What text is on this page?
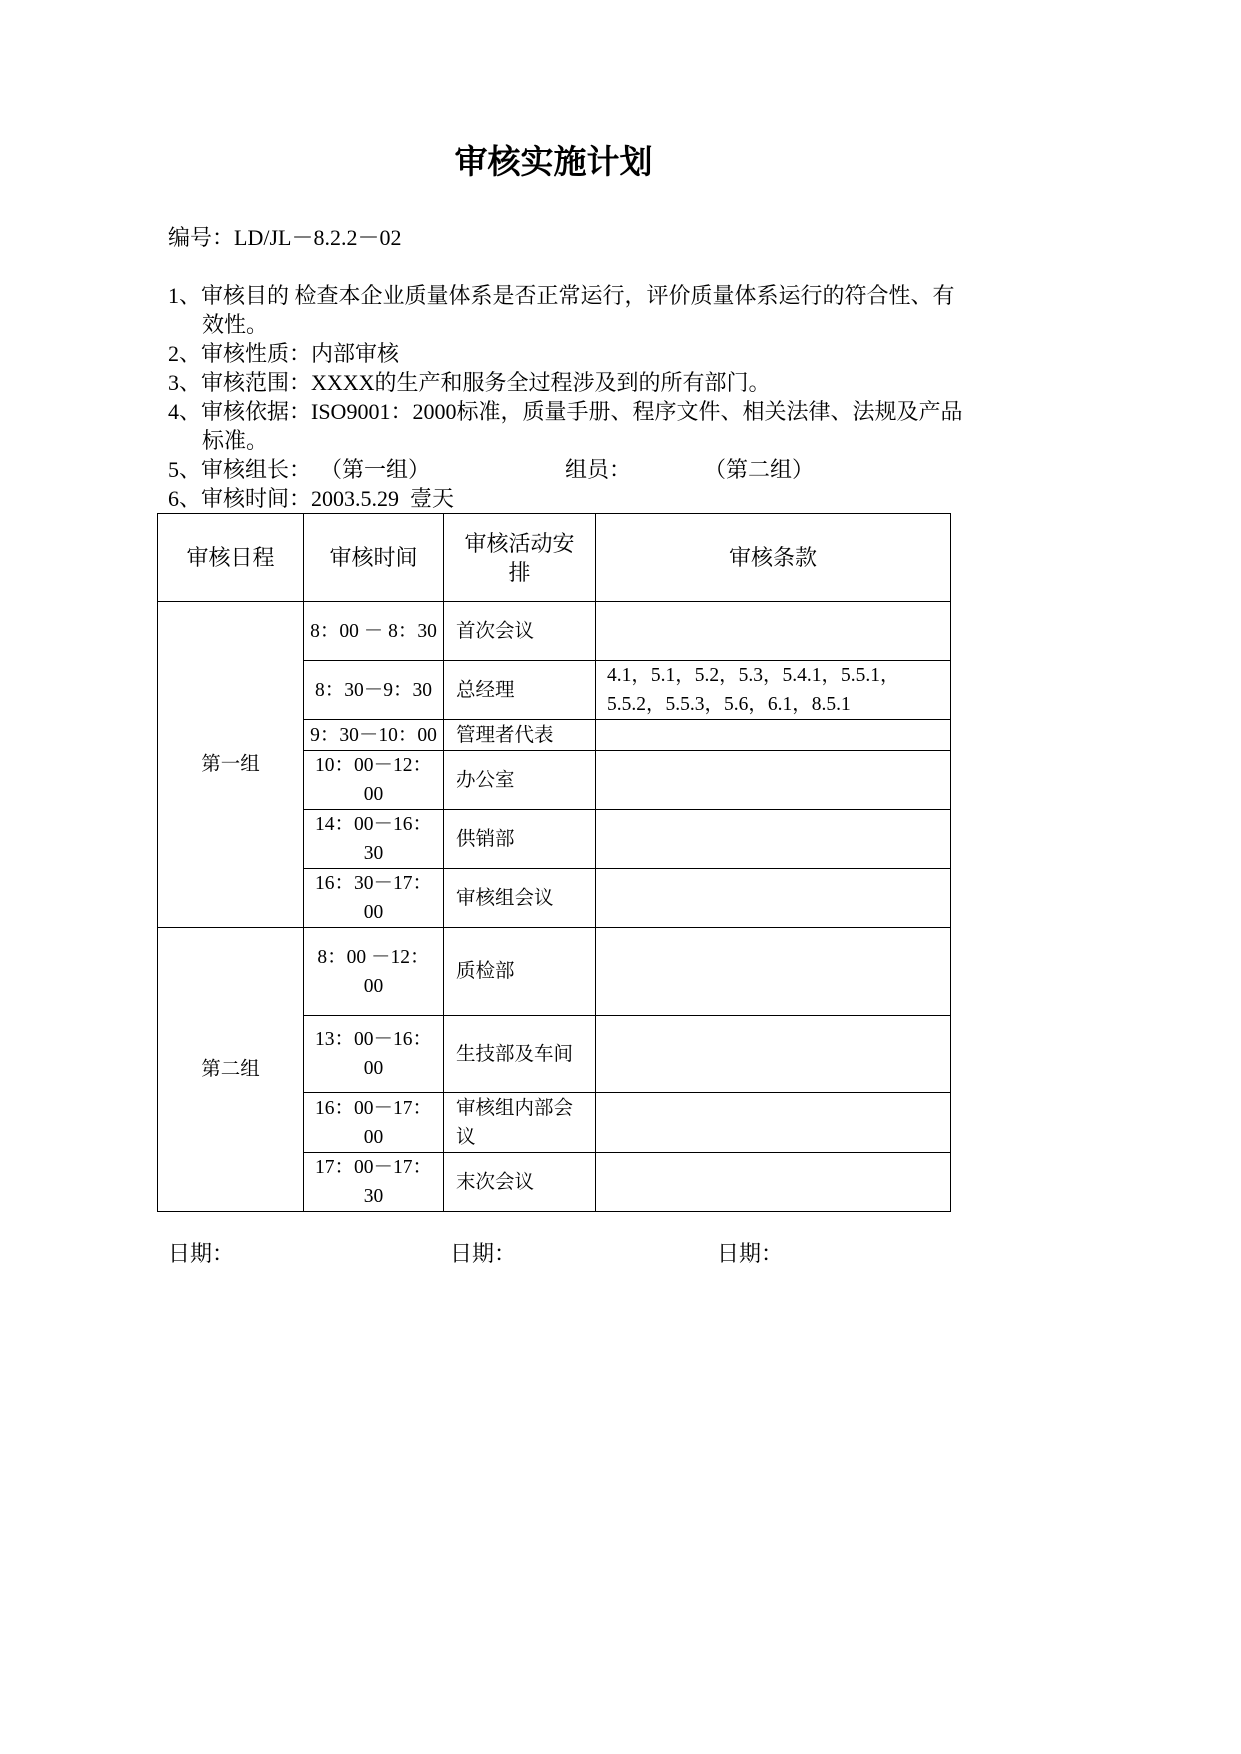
审核实施计划
编号：LD/JL－8.2.2－02
1、审核目的 检查本企业质量体系是否正常运行，评价质量体系运行的符合性、有
效性。
2、审核性质：内部审核
3、审核范围：XXXX的生产和服务全过程涉及到的所有部门。
4、审核依据：ISO9001：2000标准，质量手册、程序文件、相关法律、法规及产品
标准。

5、审核组长：

（第一组）

	组员：

	（第二组）

6、审核时间：2003.5.29  壹天
审核日程	审核时间	审核活动安
排	审核条款
第一组	8：00 － 8：30	首次会议	
	8：30－9：30	总经理	4.1，5.1，5.2，5.3，5.4.1，5.5.1，
5.5.2，5.5.3，5.6，6.1，8.5.1
	9：30－10：00	管理者代表	
	10：00－12：
00	办公室	
	14：00－16：
30	供销部	
	16：30－17：
00	审核组会议	
第二组	8：00 －12：
00	质检部	
	13：00－16：
00	生技部及车间	
	16：00－17：
00	审核组内部会
议	
	17：00－17：
30	末次会议	
日期：	日期：	日期：
